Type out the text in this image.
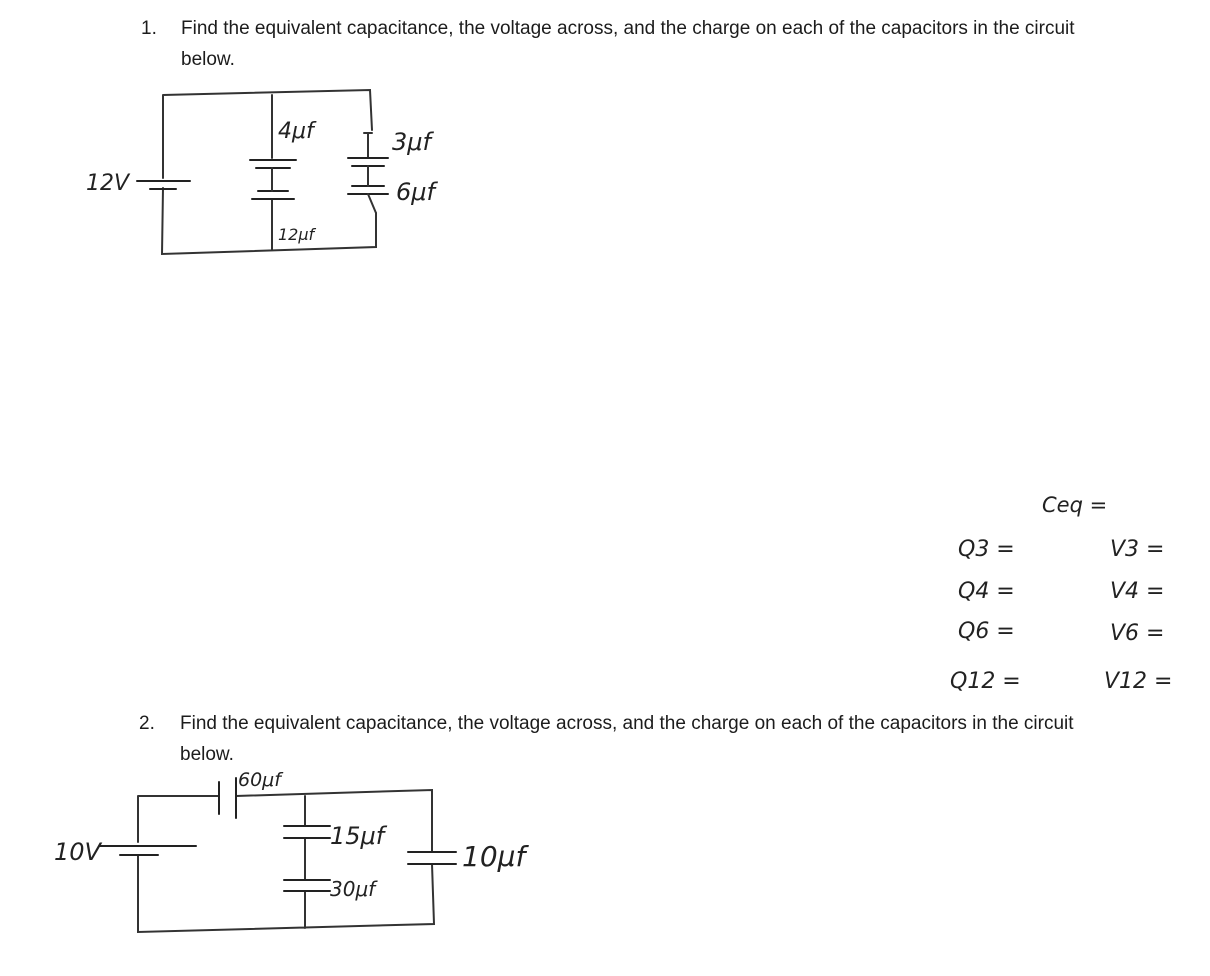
1. Find the equivalent capacitance, the voltage across, and the charge on each of the capacitors in the circuit below.
2. Find the equivalent capacitance, the voltage across, and the charge on each of the capacitors in the circuit below.
12V
4μf
12μf
3μf
6μf
Ceq =
Q3 =
Q4 =
Q6 =
Q12 =
V3 =
V4 =
V6 =
V12 =
10V
60μf
15μf
30μf
10μf
